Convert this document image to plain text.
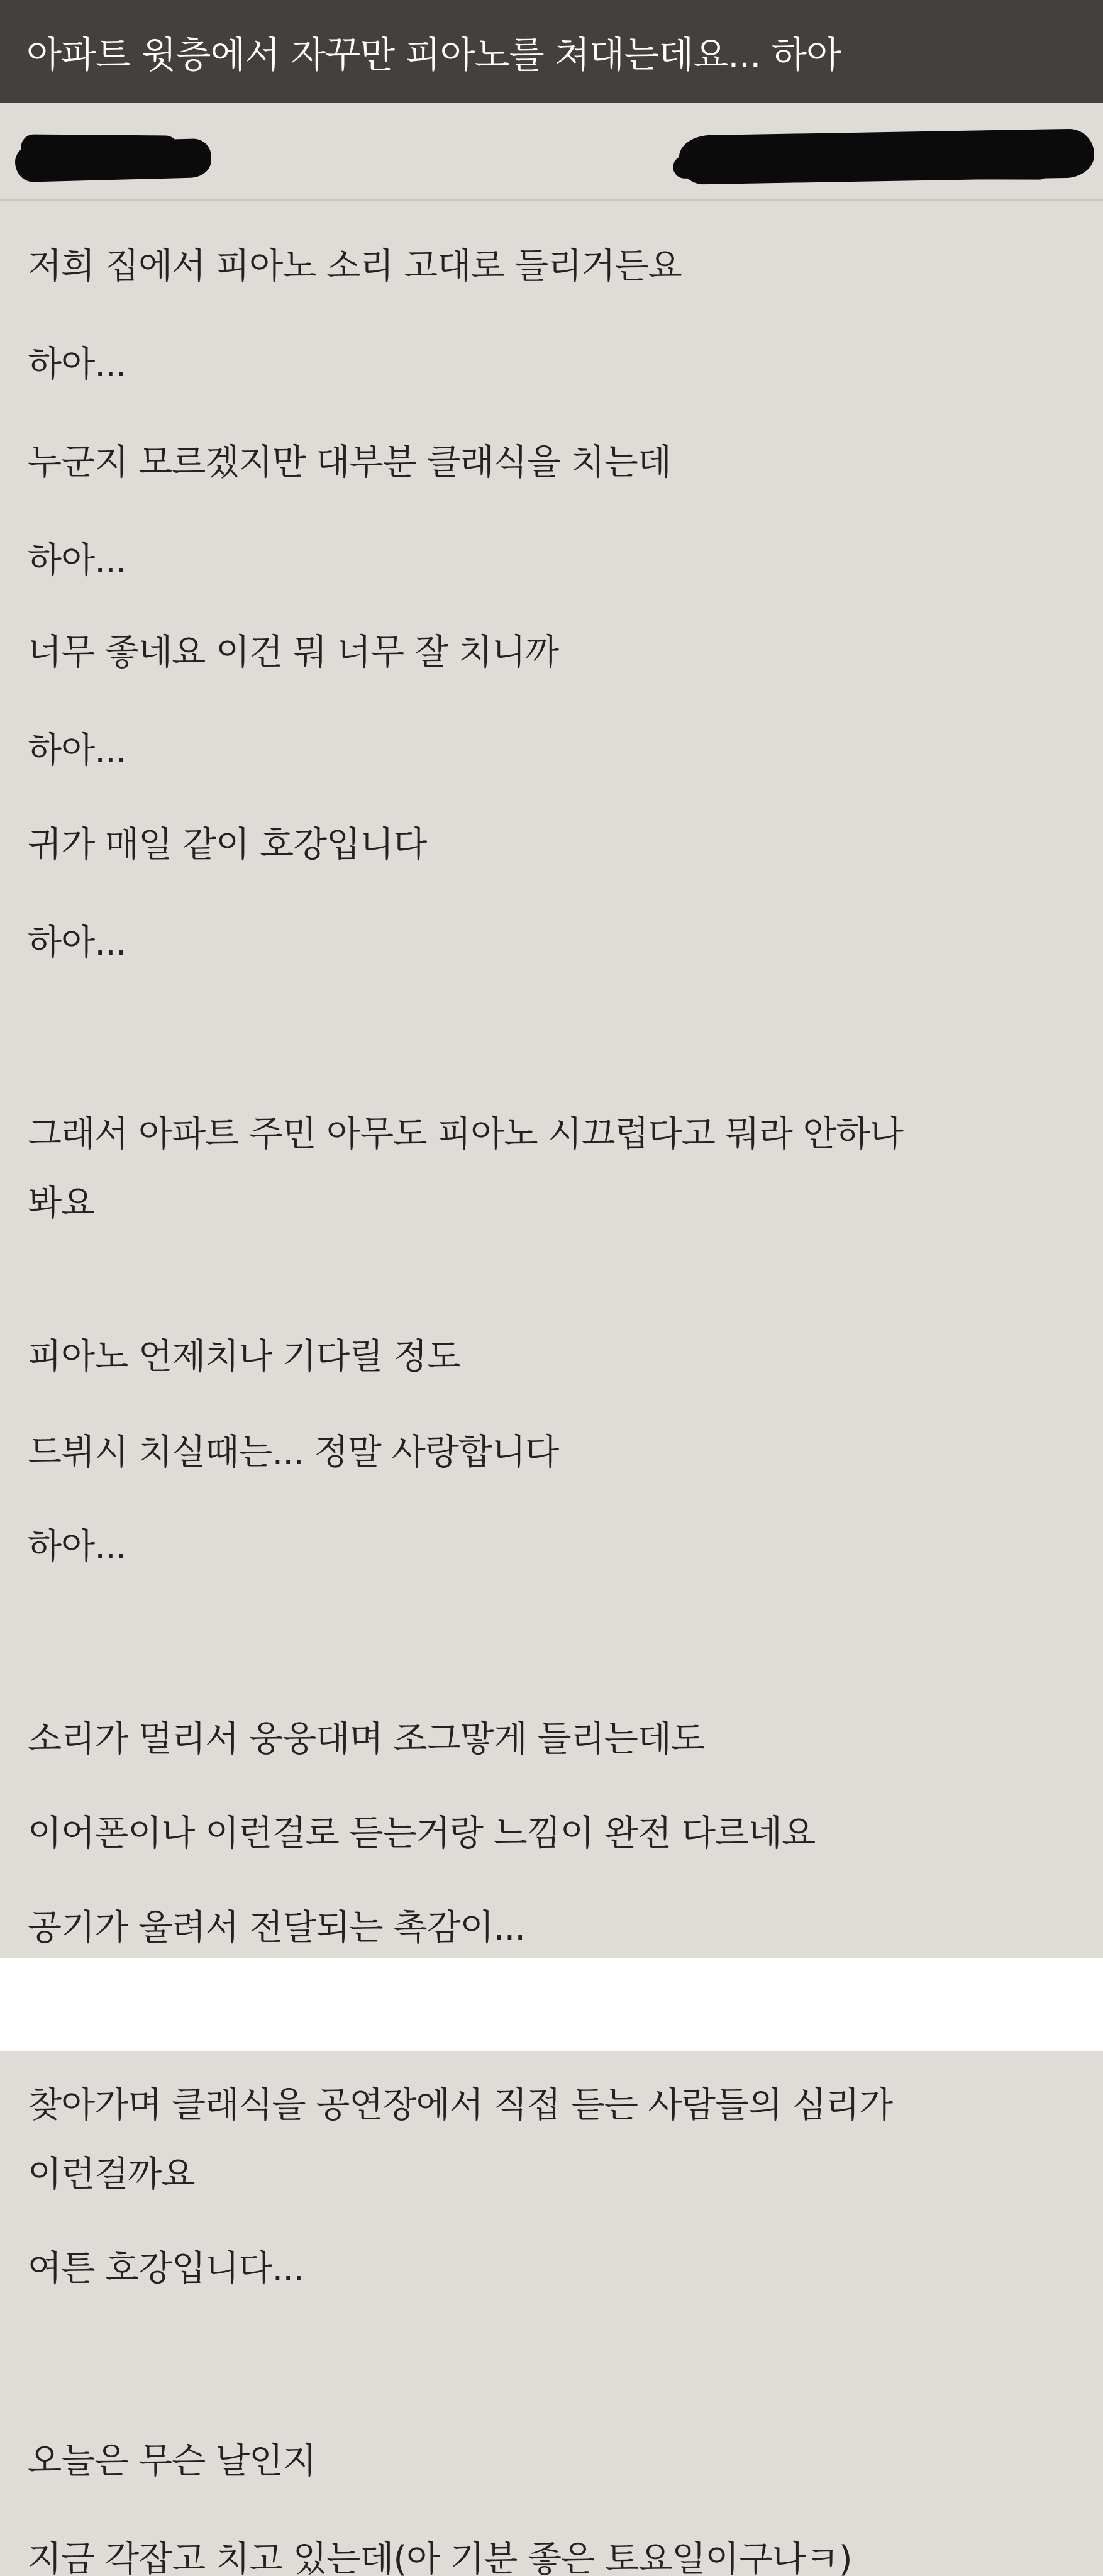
아파트 윗층에서 자꾸만 피아노를 쳐대는데요... 하아

저희 집에서 피아노 소리 고대로 들리거든요

하아...

누군지 모르겠지만 대부분 클래식을 치는데

하아...

너무 좋네요 이건 뭐 너무 잘 치니까

하아...

귀가 매일 같이 호강입니다

하아...

그래서 아파트 주민 아무도 피아노 시끄럽다고 뭐라 안하나

봐요

피아노 언제치나 기다릴 정도

드뷔시 치실때는... 정말 사랑합니다

하아...

소리가 멀리서 웅웅대며 조그맣게 들리는데도

이어폰이나 이런걸로 듣는거랑 느낌이 완전 다르네요

공기가 울려서 전달되는 촉감이...

찾아가며 클래식을 공연장에서 직접 듣는 사람들의 심리가

이런걸까요

여튼 호강입니다...

오늘은 무슨 날인지

지금 각잡고 치고 있는데(아 기분 좋은 토요일이구나ㅋ)
